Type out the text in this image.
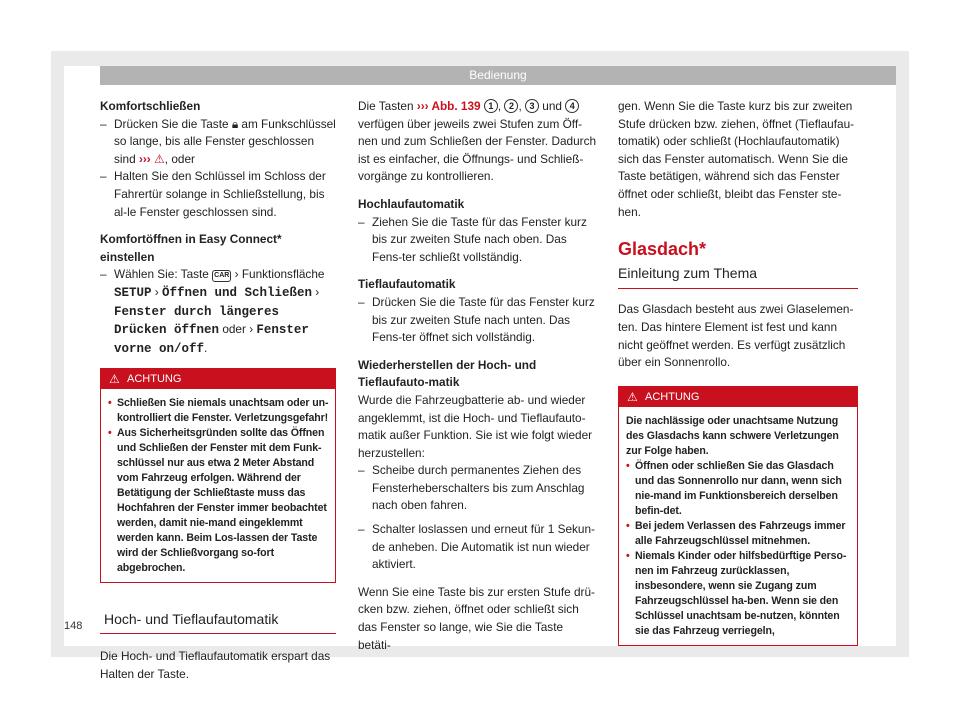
Bedienung

Komfortschließen

– Drücken Sie die Taste 🔒︎ am Funkschlüssel so lange, bis alle Fenster geschlossen sind ››› ⚠, oder
– Halten Sie den Schlüssel im Schloss der Fahrertür solange in Schließstellung, bis al-le Fenster geschlossen sind.

Komfortöffnen in Easy Connect* einstellen

– Wählen Sie: Taste CAR › Funktionsfläche
SETUP › Öffnen und Schließen › Fenster durch längeres Drücken öffnen oder › Fenster vorne on/off.
⚠ ACHTUNG
• Schließen Sie niemals unachtsam oder un-kontrolliert die Fenster. Verletzungsgefahr!
• Aus Sicherheitsgründen sollte das Öffnen und Schließen der Fenster mit dem Funk-schlüssel nur aus etwa 2 Meter Abstand vom Fahrzeug erfolgen. Während der Betätigung der Schließtaste muss das Hochfahren der Fenster immer beobachtet werden, damit nie-mand eingeklemmt werden kann. Beim Los-lassen der Taste wird der Schließvorgang so-fort abgebrochen.
Hoch- und Tieflaufautomatik

Die Hoch- und Tieflaufautomatik erspart das Halten der Taste.

Die Tasten ››› Abb. 139 1 , 2 , 3 und 4 verfügen über jeweils zwei Stufen zum Öff-nen und zum Schließen der Fenster. Dadurch ist es einfacher, die Öffnungs- und Schließ-vorgänge zu kontrollieren.

Hochlaufautomatik

– Ziehen Sie die Taste für das Fenster kurz bis zur zweiten Stufe nach oben. Das Fens-ter schließt vollständig.

Tieflaufautomatik

– Drücken Sie die Taste für das Fenster kurz bis zur zweiten Stufe nach unten. Das Fens-ter öffnet sich vollständig.

Wiederherstellen der Hoch- und Tieflaufauto-matik

Wurde die Fahrzeugbatterie ab- und wieder angeklemmt, ist die Hoch- und Tieflaufauto-matik außer Funktion. Sie ist wie folgt wieder herzustellen:

– Scheibe durch permanentes Ziehen des Fensterheberschalters bis zum Anschlag nach oben fahren.
– Schalter loslassen und erneut für 1 Sekun-de anheben. Die Automatik ist nun wieder aktiviert.

Wenn Sie eine Taste bis zur ersten Stufe drü-cken bzw. ziehen, öffnet oder schließt sich das Fenster so lange, wie Sie die Taste betäti-

gen. Wenn Sie die Taste kurz bis zur zweiten Stufe drücken bzw. ziehen, öffnet (Tieflaufau-tomatik) oder schließt (Hochlaufautomatik) sich das Fenster automatisch. Wenn Sie die Taste betätigen, während sich das Fenster öffnet oder schließt, bleibt das Fenster ste-hen.

Glasdach*
Einleitung zum Thema

Das Glasdach besteht aus zwei Glaselemen-ten. Das hintere Element ist fest und kann nicht geöffnet werden. Es verfügt zusätzlich über ein Sonnenrollo.

⚠ ACHTUNG
Die nachlässige oder unachtsame Nutzung des Glasdachs kann schwere Verletzungen zur Folge haben.
• Öffnen oder schließen Sie das Glasdach und das Sonnenrollo nur dann, wenn sich nie-mand im Funktionsbereich derselben befin-det.
• Bei jedem Verlassen des Fahrzeugs immer alle Fahrzeugschlüssel mitnehmen.
• Niemals Kinder oder hilfsbedürftige Perso-nen im Fahrzeug zurücklassen, insbesondere, wenn sie Zugang zum Fahrzeugschlüssel ha-ben. Wenn sie den Schlüssel unachtsam be-nutzen, könnten sie das Fahrzeug verriegeln,
148
